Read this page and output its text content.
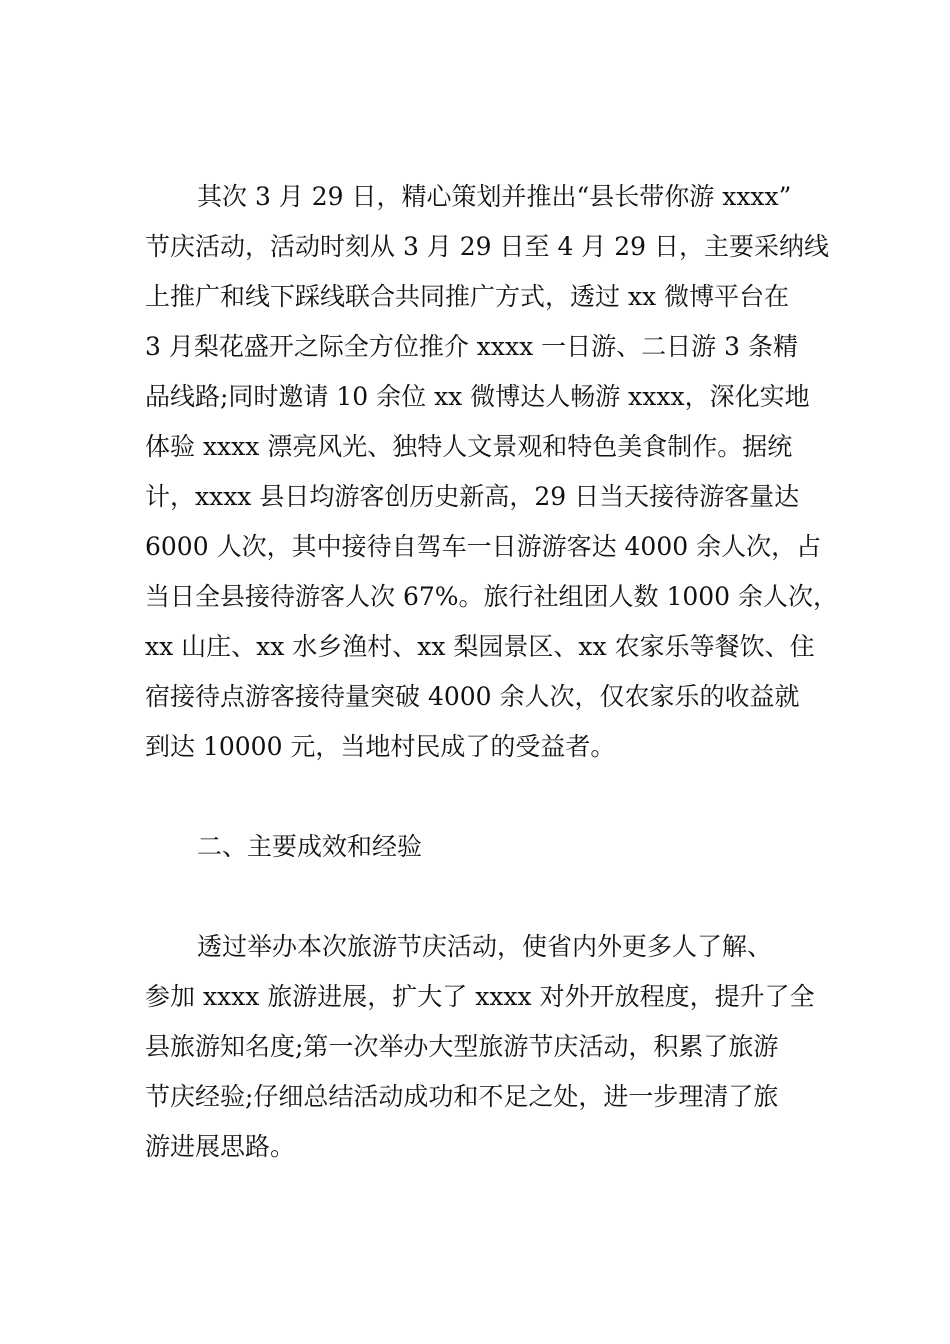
其次 3 月 29 日，精心策划并推出“县长带你游 xxxx”
节庆活动，活动时刻从 3 月 29 日至 4 月 29 日，主要采纳线
上推广和线下踩线联合共同推广方式，透过 xx 微博平台在
3 月梨花盛开之际全方位推介 xxxx 一日游、二日游 3 条精
品线路;同时邀请 10 余位 xx 微博达人畅游 xxxx，深化实地
体验 xxxx 漂亮风光、独特人文景观和特色美食制作。据统
计，xxxx 县日均游客创历史新高，29 日当天接待游客量达
6000 人次，其中接待自驾车一日游游客达 4000 余人次，占
当日全县接待游客人次 67%。旅行社组团人数 1000 余人次，
xx 山庄、xx 水乡渔村、xx 梨园景区、xx 农家乐等餐饮、住
宿接待点游客接待量突破 4000 余人次，仅农家乐的收益就
到达 10000 元，当地村民成了的受益者。
二、主要成效和经验
透过举办本次旅游节庆活动，使省内外更多人了解、
参加 xxxx 旅游进展，扩大了 xxxx 对外开放程度，提升了全
县旅游知名度;第一次举办大型旅游节庆活动，积累了旅游
节庆经验;仔细总结活动成功和不足之处，进一步理清了旅
游进展思路。
